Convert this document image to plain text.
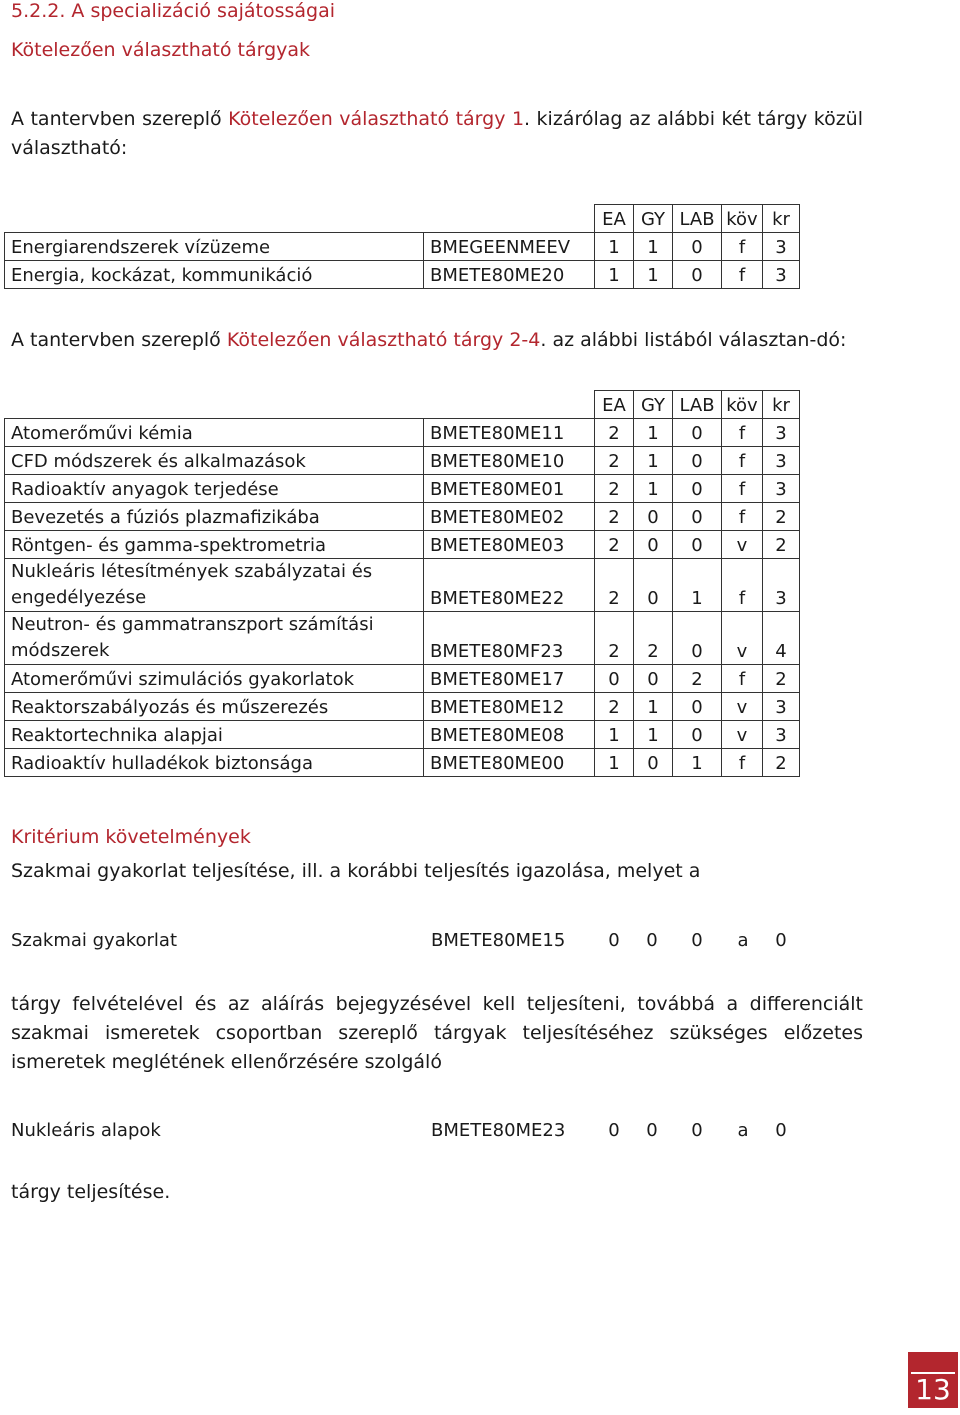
5.2.2. A specializáció sajátosságai
Kötelezően választható tárgyak
A tantervben szereplő Kötelezően választható tárgy 1. kizárólag az alábbi két tárgy közül választható:
		EA	GY	LAB	köv	kr
Energiarendszerek vízüzeme	BMEGEENMEEV	1	1	0	f	3
Energia, kockázat, kommunikáció	BMETE80ME20	1	1	0	f	3
A tantervben szereplő Kötelezően választható tárgy 2-4. az alábbi listából választan-dó:
		EA	GY	LAB	köv	kr
Atomerőművi kémia	BMETE80ME11	2	1	0	f	3
CFD módszerek és alkalmazások	BMETE80ME10	2	1	0	f	3
Radioaktív anyagok terjedése	BMETE80ME01	2	1	0	f	3
Bevezetés a fúziós plazmafizikába	BMETE80ME02	2	0	0	f	2
Röntgen- és gamma-spektrometria	BMETE80ME03	2	0	0	v	2

Nukleáris létesítmények szabályzatai és engedélyezése	BMETE80ME22	2	0	1	f	3

Neutron- és gammatranszport számítási módszerek	BMETE80MF23	2	2	0	v	4
Atomerőművi szimulációs gyakorlatok	BMETE80ME17	0	0	2	f	2
Reaktorszabályozás és műszerezés	BMETE80ME12	2	1	0	v	3
Reaktortechnika alapjai	BMETE80ME08	1	1	0	v	3
Radioaktív hulladékok biztonsága	BMETE80ME00	1	0	1	f	2
Kritérium követelmények
Szakmai gyakorlat teljesítése, ill. a korábbi teljesítés igazolása, melyet a
Szakmai gyakorlat	BMETE80ME15	0	0	0	a	0
tárgy felvételével és az aláírás bejegyzésével kell teljesíteni, továbbá a differenciált szakmai ismeretek csoportban szereplő tárgyak teljesítéséhez szükséges előzetes ismeretek meglétének ellenőrzésére szolgáló
Nukleáris alapok	BMETE80ME23	0	0	0	a	0
tárgy teljesítése.
13
